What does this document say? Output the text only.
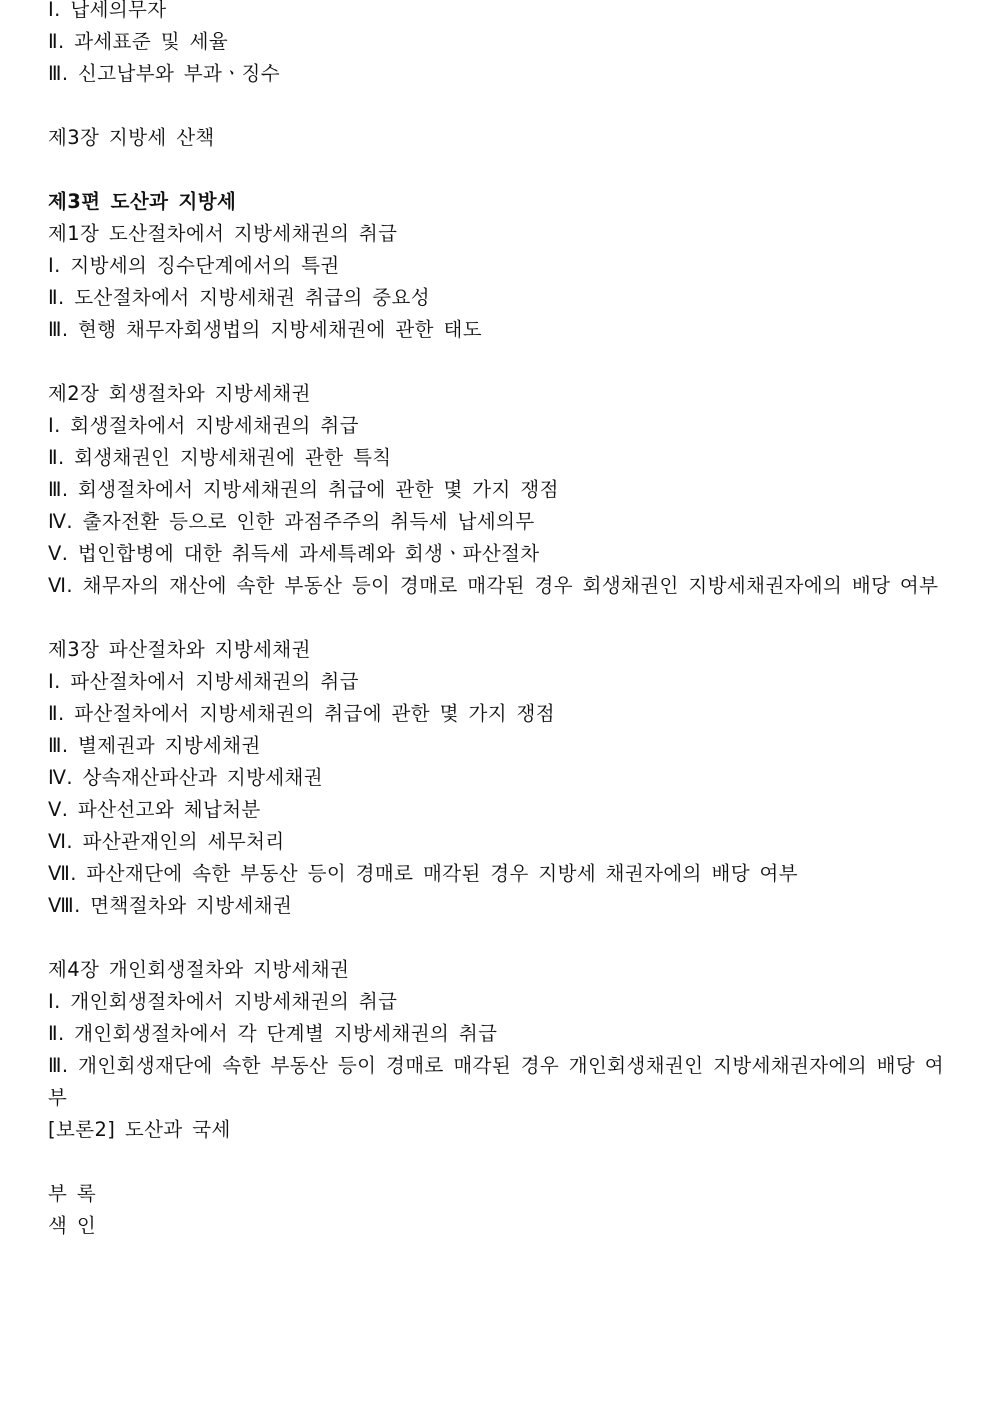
Ⅰ. 납세의무자
Ⅱ. 과세표준 및 세율
Ⅲ. 신고납부와 부과ㆍ징수
제3장 지방세 산책
제3편 도산과 지방세
제1장 도산절차에서 지방세채권의 취급
Ⅰ. 지방세의 징수단계에서의 특권
Ⅱ. 도산절차에서 지방세채권 취급의 중요성
Ⅲ. 현행 채무자회생법의 지방세채권에 관한 태도
제2장 회생절차와 지방세채권
Ⅰ. 회생절차에서 지방세채권의 취급
Ⅱ. 회생채권인 지방세채권에 관한 특칙
Ⅲ. 회생절차에서 지방세채권의 취급에 관한 몇 가지 쟁점
Ⅳ. 출자전환 등으로 인한 과점주주의 취득세 납세의무
Ⅴ. 법인합병에 대한 취득세 과세특례와 회생ㆍ파산절차
Ⅵ. 채무자의 재산에 속한 부동산 등이 경매로 매각된 경우 회생채권인 지방세채권자에의 배당 여부
제3장 파산절차와 지방세채권
Ⅰ. 파산절차에서 지방세채권의 취급
Ⅱ. 파산절차에서 지방세채권의 취급에 관한 몇 가지 쟁점
Ⅲ. 별제권과 지방세채권
Ⅳ. 상속재산파산과 지방세채권
Ⅴ. 파산선고와 체납처분
Ⅵ. 파산관재인의 세무처리
Ⅶ. 파산재단에 속한 부동산 등이 경매로 매각된 경우 지방세 채권자에의 배당 여부
Ⅷ. 면책절차와 지방세채권
제4장 개인회생절차와 지방세채권
Ⅰ. 개인회생절차에서 지방세채권의 취급
Ⅱ. 개인회생절차에서 각 단계별 지방세채권의 취급
Ⅲ. 개인회생재단에 속한 부동산 등이 경매로 매각된 경우 개인회생채권인 지방세채권자에의 배당 여부
[보론2] 도산과 국세
부 록
색 인
